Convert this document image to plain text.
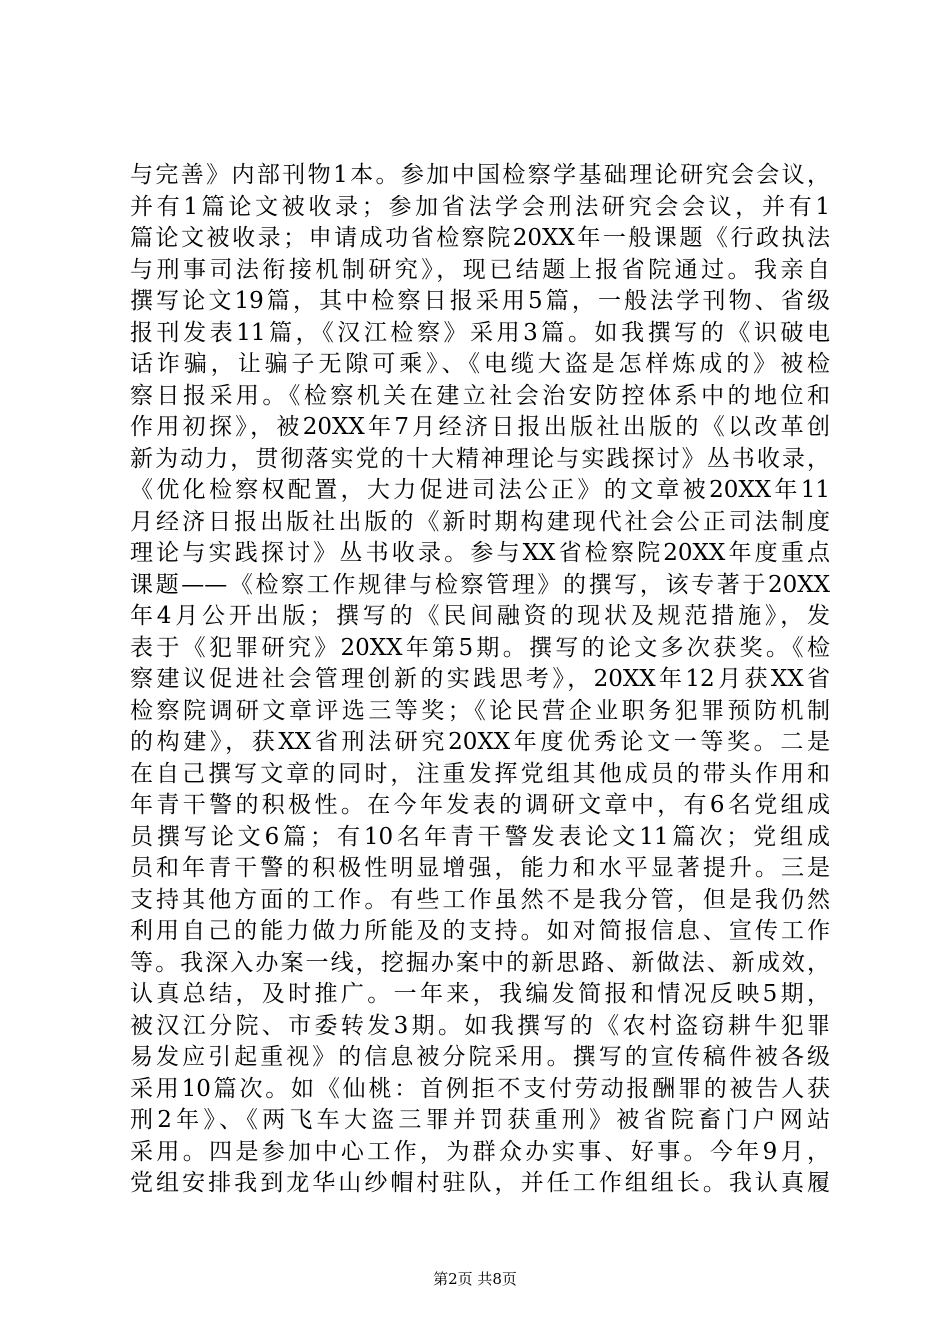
与完善》内部刊物1本。参加中国检察学基础理论研究会会议，
并有1篇论文被收录；参加省法学会刑法研究会会议，并有1
篇论文被收录；申请成功省检察院20XX年一般课题《行政执法
与刑事司法衔接机制研究》，现已结题上报省院通过。我亲自
撰写论文19篇，其中检察日报采用5篇，一般法学刊物、省级
报刊发表11篇，《汉江检察》采用3篇。如我撰写的《识破电
话诈骗，让骗子无隙可乘》、《电缆大盗是怎样炼成的》被检
察日报采用。《检察机关在建立社会治安防控体系中的地位和
作用初探》，被20XX年7月经济日报出版社出版的《以改革创
新为动力，贯彻落实党的十大精神理论与实践探讨》丛书收录，
《优化检察权配置，大力促进司法公正》的文章被20XX年11
月经济日报出版社出版的《新时期构建现代社会公正司法制度
理论与实践探讨》丛书收录。参与XX省检察院20XX年度重点
课题——《检察工作规律与检察管理》的撰写，该专著于20XX
年4月公开出版；撰写的《民间融资的现状及规范措施》，发
表于《犯罪研究》20XX年第5期。撰写的论文多次获奖。《检
察建议促进社会管理创新的实践思考》，20XX年12月获XX省
检察院调研文章评选三等奖；《论民营企业职务犯罪预防机制
的构建》，获XX省刑法研究20XX年度优秀论文一等奖。二是
在自己撰写文章的同时，注重发挥党组其他成员的带头作用和
年青干警的积极性。在今年发表的调研文章中，有6名党组成
员撰写论文6篇；有10名年青干警发表论文11篇次；党组成
员和年青干警的积极性明显增强，能力和水平显著提升。三是
支持其他方面的工作。有些工作虽然不是我分管，但是我仍然
利用自己的能力做力所能及的支持。如对简报信息、宣传工作
等。我深入办案一线，挖掘办案中的新思路、新做法、新成效，
认真总结，及时推广。一年来，我编发简报和情况反映5期，
被汉江分院、市委转发3期。如我撰写的《农村盗窃耕牛犯罪
易发应引起重视》的信息被分院采用。撰写的宣传稿件被各级
采用10篇次。如《仙桃：首例拒不支付劳动报酬罪的被告人获
刑2年》、《两飞车大盗三罪并罚获重刑》被省院畜门户网站
采用。四是参加中心工作，为群众办实事、好事。今年9月，
党组安排我到龙华山纱帽村驻队，并任工作组组长。我认真履
第2页 共8页
